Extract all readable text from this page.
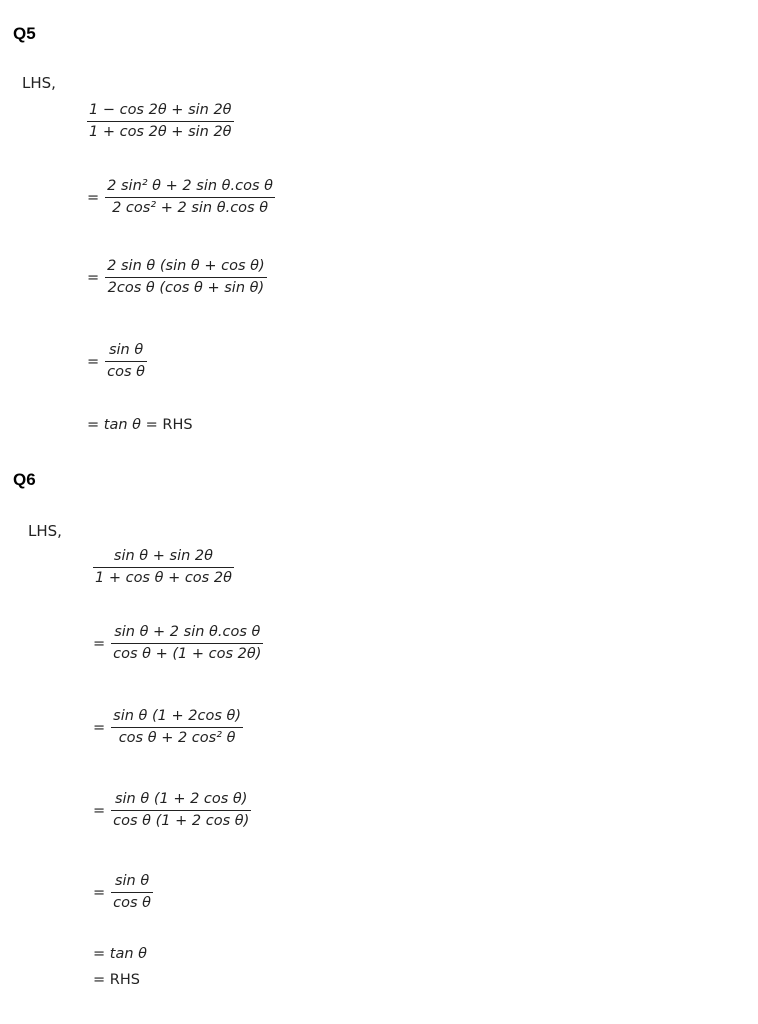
Q5
LHS,
$\frac{1 - \cos 2\theta + \sin 2\theta}{1 + \cos 2\theta + \sin 2\theta}$
= $\frac{\text{2 sin² θ + 2 sin θ.cos θ}}{\text{2 cos² + 2 sin θ.cos θ}}$
= $\frac{\text{2 sin θ (sin θ + cos θ)}}{\text{2cos θ (cos θ + sin θ)}}$
= $\frac{\text{sin θ}}{\text{cos θ}}$
= tan θ = RHS
Q6
LHS,
$\frac{\text{sin θ + sin 2θ}}{\text{1 + cos θ + cos 2θ}}$
= $\frac{\text{sin θ + 2 sin θ.cos θ}}{\text{cos θ + (1 + cos 2θ)}}$
= $\frac{\text{sin θ (1 + 2cos θ)}}{\text{cos θ + 2 cos² θ}}$
= $\frac{\text{sin θ (1 + 2 cos θ)}}{\text{cos θ (1 + 2 cos θ)}}$
= $\frac{\text{sin θ}}{\text{cos θ}}$
= tan θ
= RHS
